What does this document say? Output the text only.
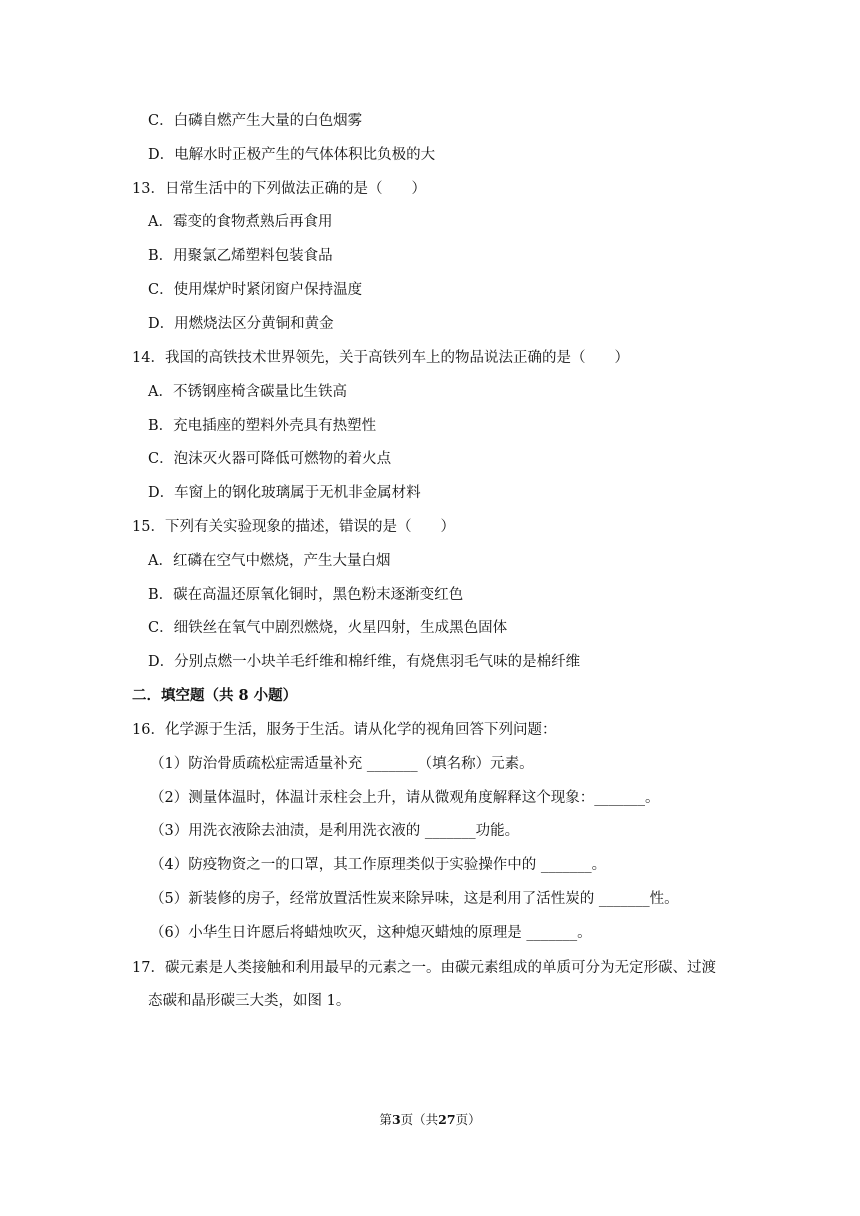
C．白磷自燃产生大量的白色烟雾
D．电解水时正极产生的气体体积比负极的大
13．日常生活中的下列做法正确的是（　　）
A．霉变的食物煮熟后再食用
B．用聚氯乙烯塑料包装食品
C．使用煤炉时紧闭窗户保持温度
D．用燃烧法区分黄铜和黄金
14．我国的高铁技术世界领先，关于高铁列车上的物品说法正确的是（　　）
A．不锈钢座椅含碳量比生铁高
B．充电插座的塑料外壳具有热塑性
C．泡沫灭火器可降低可燃物的着火点
D．车窗上的钢化玻璃属于无机非金属材料
15．下列有关实验现象的描述，错误的是（　　）
A．红磷在空气中燃烧，产生大量白烟
B．碳在高温还原氧化铜时，黑色粉末逐渐变红色
C．细铁丝在氧气中剧烈燃烧，火星四射，生成黑色固体
D．分别点燃一小块羊毛纤维和棉纤维，有烧焦羽毛气味的是棉纤维
二．填空题（共 8 小题）
16．化学源于生活，服务于生活。请从化学的视角回答下列问题：
（1）防治骨质疏松症需适量补充 _______（填名称）元素。
（2）测量体温时，体温计汞柱会上升，请从微观角度解释这个现象：_______。
（3）用洗衣液除去油渍，是利用洗衣液的 _______功能。
（4）防疫物资之一的口罩，其工作原理类似于实验操作中的 _______。
（5）新装修的房子，经常放置活性炭来除异味，这是利用了活性炭的 _______性。
（6）小华生日许愿后将蜡烛吹灭，这种熄灭蜡烛的原理是 _______。
17．碳元素是人类接触和利用最早的元素之一。由碳元素组成的单质可分为无定形碳、过渡
态碳和晶形碳三大类，如图 1。
第3页（共27页）
